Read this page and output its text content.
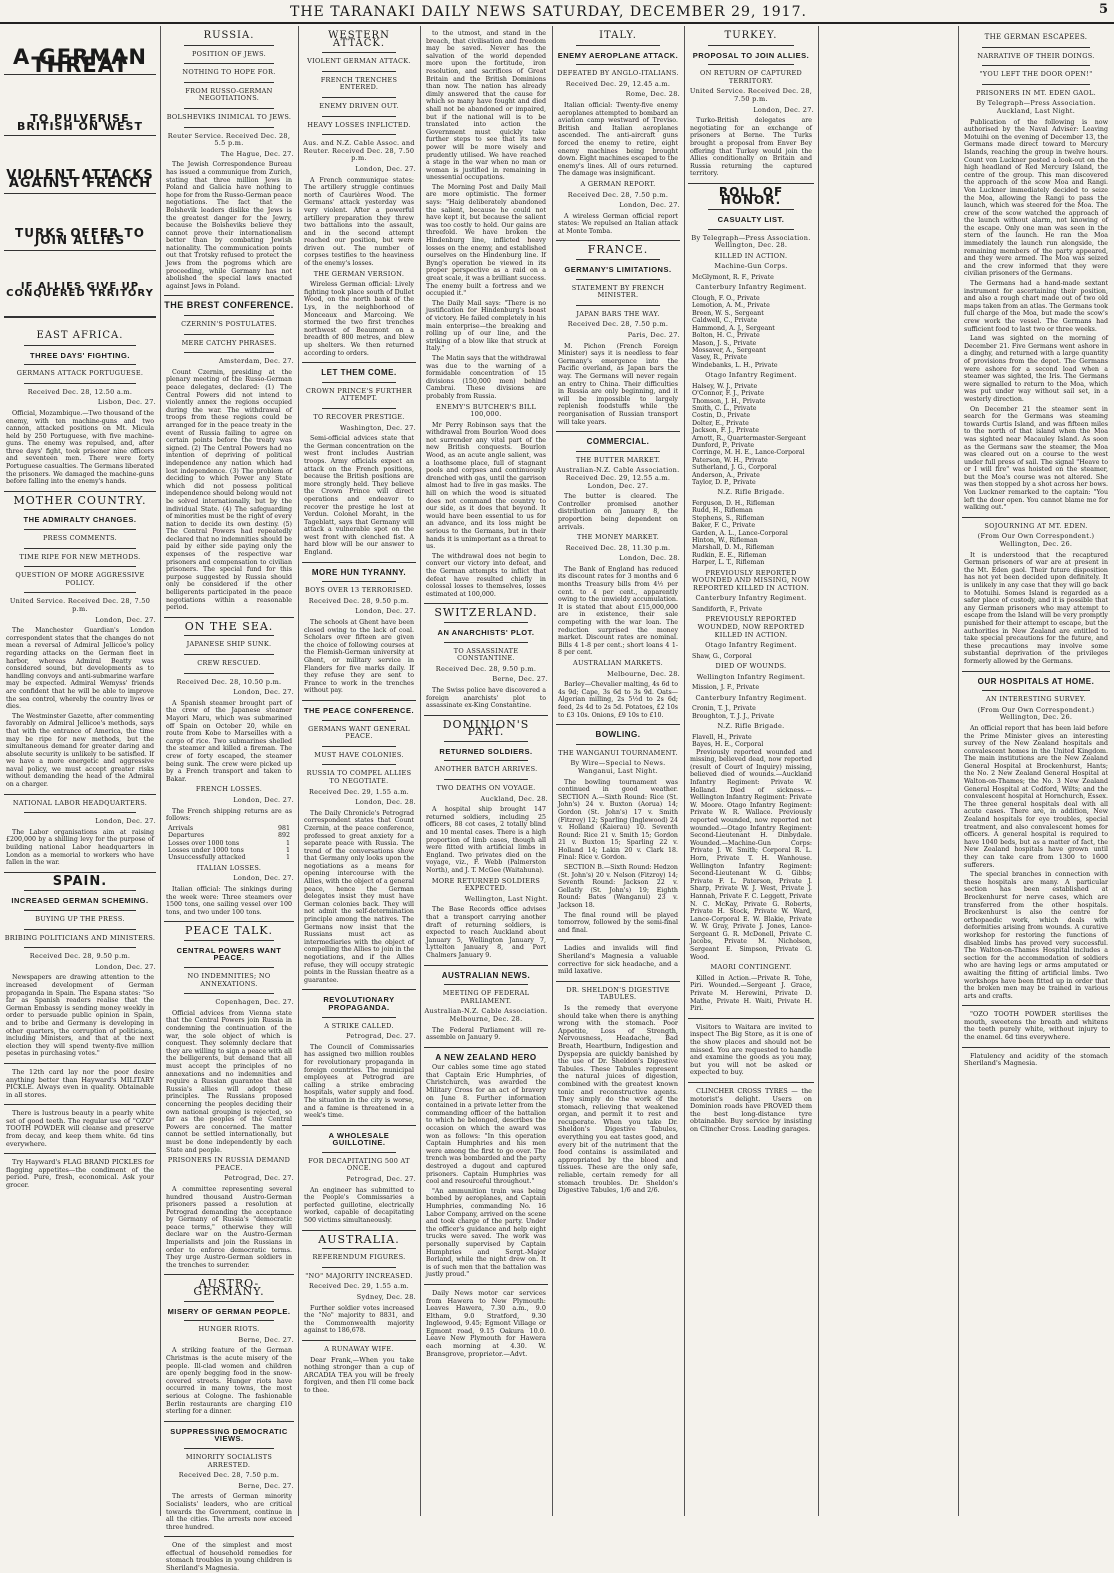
THE TARANAKI DAILY NEWS SATURDAY, DECEMBER 29, 1917.	5
A GERMAN THREAT
TO PULVERISE BRITISH ON WEST
VIOLENT ATTACKS AGAINST FRENCH
TURKS OFFER TO JOIN ALLIES
IF ALLIES GIVE UP CONQUERED TRRITORY
EAST AFRICA.
THREE DAYS' FIGHTING.
GERMANS ATTACK PORTUGUESE.
Received Dec. 28, 12.50 a.m.
Lisbon, Dec. 27.

Official, Mozambique.—Two thousand of the enemy, with ten machine-guns and two cannon, attacked positions on Mt. Micula held by 250 Portuguese, with five machine-guns. The enemy was repulsed, and, after three days' fight, took prisoner nine officers and seventeen men. There were forty Portuguese casualties. The Germans liberated the prisoners. We damaged the machine-guns before falling into the enemy's hands.

MOTHER COUNTRY.
THE ADMIRALTY CHANGES.
PRESS COMMENTS.
TIME RIPE FOR NEW METHODS.
QUESTION OF MORE AGGRESSIVE POLICY.
United Service. Received Dec. 28, 7.50 p.m.
London, Dec. 27.

The Manchester Guardian's London correspondent states that the changes do not mean a reversal of Admiral Jellicoe's policy regarding attacks on the German fleet in harbor, whereas Admiral Beatty was considered sound, but developments as to handling convoys and anti-submarine warfare may be expected. Admiral Wemyss' friends are confident that he will be able to improve the sea control, whereby the country lives or dies.

The Westminster Gazette, after commenting favorably on Admiral Jellicoe's methods, says that with the entrance of America, the time may be ripe for new methods, but the simultaneous demand for greater daring and absolute security is unlikely to be satisfied. If we have a more energetic and aggressive naval policy, we must accept greater risks without demanding the head of the Admiral on a charger.

NATIONAL LABOR HEADQUARTERS.
London, Dec. 27.

The Labor organisations aim at raising £200,000 by a shilling levy for the purpose of building national Labor headquarters in London as a memorial to workers who have fallen in the war.

SPAIN.
INCREASED GERMAN SCHEMING.
BUYING UP THE PRESS.
BRIBING POLITICIANS AND MINISTERS.
Received Dec. 28, 9.50 p.m.
London, Dec. 27.

Newspapers are drawing attention to the increased development of German propaganda in Spain. The Espana states: "So far as Spanish readers realise that the German Embassy is sending money weekly in order to persuade public opinion in Spain, and to bribe and Germany is developing in other quarters, the corruption of politicians, including Ministers, and that at the next election they will spend twenty-five million pesetas in purchasing votes."

The 12th card lay nor the poor desire anything better than Hayward's MILITARY PICKLE. Always even in quality. Obtainable in all stores.

There is lustrous beauty in a pearly white set of good teeth. The regular use of "OZO" TOOTH POWDER will cleanse and preserve from decay, and keep them white. 6d tins everywhere.

Try Hayward's FLAG BRAND PICKLES for flagging appetites—the condiment of the period. Pure, fresh, economical. Ask your grocer.

RUSSIA.
POSITION OF JEWS.
NOTHING TO HOPE FOR.
FROM RUSSO-GERMAN NEGOTIATIONS.
BOLSHEVIKS INIMICAL TO JEWS.
Reuter Service. Received Dec. 28, 5.5 p.m.
The Hague, Dec. 27.

The Jewish Correspondence Bureau has issued a communique from Zurich, stating that three million Jews in Poland and Galicia have nothing to hope for from the Russo-German peace negotiations. The fact that the Bolshevik leaders dislike the Jews is the greatest danger for the Jewry, because the Bolsheviks believe they cannot prove their internationalism better than by combating Jewish nationality. The communication points out that Trotsky refused to protect the Jews from the pogroms which are proceeding, while Germany has not abolished the special laws enacted against Jews in Poland.

THE BREST CONFERENCE.
CZERNIN'S POSTULATES.
MERE CATCHY PHRASES.
Amsterdam, Dec. 27.

Count Czernin, presiding at the plenary meeting of the Russo-German peace delegates, declared: (1) The Central Powers did not intend to violently annex the regions occupied during the war. The withdrawal of troops from these regions could be arranged for in the peace treaty in the event of Russia failing to agree on certain points before the treaty was signed. (2) The Central Powers had no intention of depriving of political independence any nation which had lost independence. (3) The problem of deciding to which Power any State which did not possess political independence should belong would not be solved internationally, but by the individual State. (4) The safeguarding of minorities must be the right of every nation to decide its own destiny. (5) The Central Powers had repeatedly declared that no indemnities should be paid by either side paying only the expenses of the respective war prisoners and compensation to civilian prisoners. The special fund for this purpose suggested by Russia should only be considered if the other belligerents participated in the peace negotiations within a reasonable period.

ON THE SEA.
JAPANESE SHIP SUNK.
CREW RESCUED.
Received Dec. 28, 10.50 p.m.
London, Dec. 27.

A Spanish steamer brought part of the crew of the Japanese steamer Mayori Maru, which was submarined off Spain on October 20, while en route from Kobe to Marseilles with a cargo of rice. Two submarines shelled the steamer and killed a fireman. The crew of forty escaped, the steamer being sunk. The crew were picked up by a French transport and taken to Bakar.

FRENCH LOSSES.
London, Dec. 27.

The French shipping returns are as follows:

Arrivals	981
Departures	892
Losses over 1000 tons	1
Losses under 1000 tons	1
Unsuccessfully attacked	1
ITALIAN LOSSES.
London, Dec. 27.

Italian official: The sinkings during the week were: Three steamers over 1500 tons, one sailing vessel over 100 tons, and two under 100 tons.

PEACE TALK.
CENTRAL POWERS WANT PEACE.
NO INDEMNITIES; NO ANNEXATIONS.
Copenhagen, Dec. 27.

Official advices from Vienna state that the Central Powers join Russia in condemning the continuation of the war, the sole object of which is conquest. They solemnly declare that they are willing to sign a peace with all the belligerents, but demand that all must accept the principles of no annexations and no indemnities and require a Russian guarantee that all Russia's allies will adopt these principles. The Russians proposed concerning the peoples deciding their own national grouping is rejected, so far as the peoples of the Central Powers are concerned. The matter cannot be settled internationally, but must be done independently by each State and people.

PRISONERS IN RUSSIA DEMAND PEACE.
Petrograd, Dec. 27.

A committee representing several hundred thousand Austro-German prisoners passed a resolution at Petrograd demanding the acceptance by Germany of Russia's "democratic peace terms," otherwise they will declare war on the Austro-German Imperialists and join the Russians in order to enforce democratic terms. They urge Austro-German soldiers in the trenches to surrender.

AUSTRO-GERMANY.
MISERY OF GERMAN PEOPLE.
HUNGER RIOTS.
Berne, Dec. 27.

A striking feature of the German Christmas is the acute misery of the people. Ill-clad women and children are openly begging food in the snow-covered streets. Hunger riots have occurred in many towns, the most serious at Cologne. The fashionable Berlin restaurants are charging £10 sterling for a dinner.

SUPPRESSING DEMOCRATIC VIEWS.
MINORITY SOCIALISTS ARRESTED.
Received Dec. 28, 7.50 p.m.
Berne, Dec. 27.

The arrests of German minority Socialists' leaders, who are critical towards the Government, continue in all the cities. The arrests now exceed three hundred.

One of the simplest and most effectual of household remedies for stomach troubles in young children is Sheriland's Magnesia.

WESTERN ATTACK.
VIOLENT GERMAN ATTACK.
FRENCH TRENCHES ENTERED.
ENEMY DRIVEN OUT.
HEAVY LOSSES INFLICTED.
Aus. and N.Z. Cable Assoc. and Reuter. Received Dec. 28, 7.50 p.m.
London, Dec. 27.

A French communique states: The artillery struggle continues north of Caurières Wood. The Germans' attack yesterday was very violent. After a powerful artillery preparation they threw two battalions into the assault, and in the second attempt reached our position, but were driven out. The number of corpses testifies to the heaviness of the enemy's losses.

THE GERMAN VERSION.

Wireless German official: Lively fighting took place south of Dullet Wood, on the north bank of the Lys, in the neighborhood of Monceaux and Marcoing. We stormed the two first trenches northwest of Beaumont on a breadth of 800 metres, and blew up shelters. We then returned according to orders.

LET THEM COME.
CROWN PRINCE'S FURTHER ATTEMPT.
TO RECOVER PRESTIGE.
Washington, Dec. 27.

Semi-official advices state that the German concentration on the west front includes Austrian troops. Army officials expect an attack on the French positions, because the British positions are more strongly held. They believe the Crown Prince will direct operations and endeavor to recover the prestige he lost at Verdun. Colonel Moraht, in the Tageblatt, says that Germany will attack a vulnerable spot on the west front with clenched fist. A hard blow will be our answer to England.

MORE HUN TYRANNY.
BOYS OVER 13 TERRORISED.
Received Dec. 28, 9.50 p.m.
London, Dec. 27.

The schools at Ghent have been closed owing to the lack of coal. Scholars over fifteen are given the choice of following courses at the Flemish-German university at Ghent, or military service in Flanders for five marks daily. If they refuse they are sent to France to work in the trenches without pay.

THE PEACE CONFERENCE.
GERMANS WANT GENERAL PEACE.
MUST HAVE COLONIES.
RUSSIA TO COMPEL ALLIES TO NEGOTIATE.
Received Dec. 29, 1.55 a.m.
London, Dec. 28.

The Daily Chronicle's Petrograd correspondent states that Count Czernin, at the peace conference, professed to great anxiety for a separate peace with Russia. The trend of the conversations show that Germany only looks upon the negotiations as a means for opening intercourse with the Allies, with the object of a general peace, hence the German delegates insist they must have German colonies back. They will not admit the self-determination principle among the natives. The Germans now insist that the Russians must act as intermediaries with the object of compelling the Allies to join in the negotiations, and if the Allies refuse, they will occupy strategic points in the Russian theatre as a guarantee.

REVOLUTIONARY PROPAGANDA.
A STRIKE CALLED.
Petrograd, Dec. 27.

The Council of Commissaries has assigned two million roubles for revolutionary propaganda in foreign countries. The municipal employees at Petrograd are calling a strike embracing hospitals, water supply and food. The situation in the city is worse, and a famine is threatened in a week's time.

A WHOLESALE GUILLOTINE.
FOR DECAPITATING 500 AT ONCE.
Petrograd, Dec. 27.

An engineer has submitted to the People's Commissaries a perfected guillotine, electrically worked, capable of decapitating 500 victims simultaneously.

AUSTRALIA.
REFERENDUM FIGURES.
"NO" MAJORITY INCREASED.
Received Dec. 29, 1.55 a.m.
Sydney, Dec. 28.

Further soldier votes increased the "No" majority to 8831, and the Commonwealth majority against to 186,678.

A RUNAWAY WIFE.

Dear Frank,—When you take nothing stronger than a cup of ARCADIA TEA you will be freely forgiven, and then I'll come back to thee.

to the utmost, and stand in the breach, that civilisation and freedom may be saved. Never has the salvation of the world depended more upon the fortitude, iron resolution, and sacrifices of Great Britain and the British Dominions than now. The nation has already dimly answered that the cause for which so many have fought and died shall not be abandoned or impaired, but if the national will is to be translated into action the Government must quickly take further steps to see that its new power will be more wisely and prudently utilised. We have reached a stage in the war when no man or woman is justified in remaining in unessential occupations.

The Morning Post and Daily Mail are more optimistic. The former says: "Haig deliberately abandoned the salient, because he could not have kept it, but because the salient was too costly to hold. Our gains are threefold. We have broken the Hindenburg line, inflicted heavy losses on the enemy, and established ourselves on the Hindenburg line. If Byng's operation be viewed in its proper perspective as a raid on a great scale, it was a brilliant success. The enemy built a fortress and we occupied it."

The Daily Mail says: "There is no justification for Hindenburg's boast of victory. He failed completely in his main enterprise—the breaking and rolling up of our line, and the striking of a blow like that struck at Italy."

The Matin says that the withdrawal was due to the warning of a formidable concentration of 15 divisions (150,000 men) behind Cambrai. These divisions are probably from Russia.

ENEMY'S BUTCHER'S BILL 100,000.

Mr Perry Robinson says that the withdrawal from Bourlon Wood does not surrender any vital part of the new British conquests. Bourlon Wood, as an acute angle salient, was a loathsome place, full of stagnant pools and corpses and continuously drenched with gas, until the garrison almost had to live in gas masks. The hill on which the wood is situated does not command the country to our side, as it does that beyond. It would have been essential to us for an advance, and its loss might be serious to the Germans, but in their hands it is unimportant as a threat to us.

The withdrawal does not begin to convert our victory into defeat, and the German attempts to inflict that defeat have resulted chiefly in colossal losses to themselves, losses estimated at 100,000.

SWITZERLAND.
AN ANARCHISTS' PLOT.
TO ASSASSINATE CONSTANTINE.
Received Dec. 28, 9.50 p.m.
Berne, Dec. 27.

The Swiss police have discovered a foreign anarchists' plot to assassinate ex-King Constantine.

DOMINION'S PART.
RETURNED SOLDIERS.
ANOTHER BATCH ARRIVES.
TWO DEATHS ON VOYAGE.
Auckland, Dec. 28.

A hospital ship brought 147 returned soldiers, including 25 officers, 88 cot cases, 2 totally blind and 10 mental cases. There is a high proportion of limb cases, though all were fitted with artificial limbs in England. Two privates died on the voyage, viz., F. Webb (Palmerston North), and J. T. McGee (Waitahuna).

MORE RETURNED SOLDIERS EXPECTED.
Wellington, Last Night.

The Base Records office advises that a transport carrying another draft of returning soldiers, is expected to reach Auckland about January 5, Wellington January 7, Lyttelton January 8, and Port Chalmers January 9.

AUSTRALIAN NEWS.
MEETING OF FEDERAL PARLIAMENT.
Australian-N.Z. Cable Association. Melbourne, Dec. 28.

The Federal Parliament will re-assemble on January 9.

A NEW ZEALAND HERO

Our cables some time ago stated that Captain Eric Humphries, of Christchurch, was awarded the Military Cross for an act of bravery on June 8. Further information contained in a private letter from the commanding officer of the battalion to which he belonged, describes the occasion on which the award was won as follows: "In this operation Captain Humphries and his men were among the first to go over. The trench was bombarded and the party destroyed a dugout and captured prisoners. Captain Humphries was cool and resourceful throughout."

"An ammunition train was being bombed by aeroplanes, and Captain Humphries, commanding No. 16 Labor Company, arrived on the scene and took charge of the party. Under the officer's guidance and help eight trucks were saved. The work was personally supervised by Captain Humphries and Sergt.-Major Borland, while the night drew on. It is of such men that the battalion was justly proud."

Daily News motor car services from Hawera to New Plymouth: Leaves Hawera, 7.30 a.m., 9.0 Eltham, 9.0 Stratford, 9.30 Inglewood, 9.45; Egmont Village or Egmont road, 9.15 Oakura 10.0. Leave New Plymouth for Hawera each morning at 4.30. W. Bransgrove, proprietor.—Advt.

ITALY.
ENEMY AEROPLANE ATTACK.
DEFEATED BY ANGLO-ITALIANS.
Received Dec. 29, 12.45 a.m.
Rome, Dec. 28.

Italian official: Twenty-five enemy aeroplanes attempted to bombard an aviation camp westward of Treviso. British and Italian aeroplanes ascended. The anti-aircraft guns forced the enemy to retire, eight enemy machines being brought down. Eight machines escaped to the enemy's lines. All of ours returned. The damage was insignificant.

A GERMAN REPORT.
Received Dec. 28, 7.50 p.m.
London, Dec. 27.

A wireless German official report states: We repulsed an Italian attack at Monte Tomba.

FRANCE.
GERMANY'S LIMITATIONS.
STATEMENT BY FRENCH MINISTER.
JAPAN BARS THE WAY.
Received Dec. 28, 7.50 p.m.
Paris, Dec. 27.

M. Pichon (French Foreign Minister) says it is needless to fear Germany's emergence into the Pacific overland, as Japan bars the way. The Germans will never regain an entry to China. Their difficulties in Russia are only beginning, and it will be impossible to largely replenish foodstuffs while the reorganisation of Russian transport will take years.

COMMERCIAL.
THE BUTTER MARKET.
Australian-N.Z. Cable Association. Received Dec. 29, 12.55 a.m. London, Dec. 27.

The butter is cleared. The Controller promised another distribution on January 8, the proportion being dependent on arrivals.

THE MONEY MARKET.
Received Dec. 28, 11.30 p.m.
London, Dec. 28.

The Bank of England has reduced its discount rates for 3 months and 6 months Treasury bills from 4½ per cent. to 4 per cent., apparently owing to the unwieldy accumulation. It is stated that about £15,000,000 are in existence, their sale competing with the war loan. The reduction surprised the money market. Discount rates are nominal. Bills 4 1-8 per cent.; short loans 4 1-8 per cent.

AUSTRALIAN MARKETS.
Melbourne, Dec. 28.

Barley—Chevalier malting, 4s 6d to 4s 9d; Cape, 3s 6d to 3s 9d. Oats—Algerian milling, 2s 5½d to 2s 6d; feed, 2s 4d to 2s 5d. Potatoes, £2 10s to £3 10s. Onions, £9 10s to £10.

BOWLING.
THE WANGANUI TOURNAMENT.
By Wire—Special to News. Wanganui, Last Night.

The bowling tournament was continued in good weather. SECTION A.—Sixth Round: Rice (St. John's) 24 v. Buxton (Aorua) 14; Gordon (St. John's) 17 v. Smith (Fitzroy) 12; Sparling (Inglewood) 24 v. Holland (Kaierau) 10. Seventh Round: Rice 21 v. Smith 15; Gordon 21 v. Buxton 15; Sparling 22 v. Holland 14; Lakin 20 v. Clark 18. Final: Rice v. Gordon.

SECTION B.—Sixth Round: Hedzon (St. John's) 20 v. Nelson (Fitzroy) 14; Seventh Round: Jackson 22 v. Gellatly (St. John's) 19; Eighth Round: Bates (Wanganui) 23 v. Jackson 18.

The final round will be played tomorrow, followed by the semi-final and final.

Ladies and invalids will find Sheriland's Magnesia a valuable corrective for sick headache, and a mild laxative.

DR. SHELDON'S DIGESTIVE TABULES.

Is the remedy that everyone should take when there is anything wrong with the stomach. Poor Appetite, Loss of Strength, Nervousness, Headache, Bad Breath, Heartburn, Indigestion and Dyspepsia are quickly banished by the use of Dr. Sheldon's Digestive Tabules. These Tabules represent the natural juices of digestion, combined with the greatest known tonic and reconstructive agents. They simply do the work of the stomach, relieving that weakened organ, and permit it to rest and recuperate. When you take Dr. Sheldon's Digestive Tabules, everything you eat tastes good, and every bit of the nutriment that the food contains is assimilated and appropriated by the blood and tissues. These are the only safe, reliable, certain remedy for all stomach troubles. Dr. Sheldon's Digestive Tabules, 1/6 and 2/6.

TURKEY.
PROPOSAL TO JOIN ALLIES.
ON RETURN OF CAPTURED TERRITORY.
United Service. Received Dec. 28, 7.50 p.m.
London, Dec. 27.

Turko-British delegates are negotiating for an exchange of prisoners at Berne. The Turks brought a proposal from Enver Bey offering that Turkey would join the Allies conditionally on Britain and Russia returning the captured territory.

ROLL OF HONOR.
CASUALTY LIST.
By Telegraph—Press Association. Wellington, Dec. 28.
KILLED IN ACTION.
Machine-Gun Corps.
McGlymont, R. F., Private
Canterbury Infantry Regiment.
Clough, F. O., Private
Lemotion, A. M., Private
Breen, W. S., Sergeant
Caldwell, C., Private
Hammond, A. J., Sergeant
Bolton, H. C., Private
Mason, J. S., Private
Mossaver, A., Sergeant
Vasey, R., Private
Windebanks, L. H., Private
Otago Infantry Regiment.
Halsey, W. J., Private
O'Connor, F. J., Private
Thomson, J. H., Private
Smith, C. L., Private
Costin, D., Private
Dolter, E., Private
Jackson, F. J., Private
Arnott, R., Quartermaster-Sergeant
Dunford, P., Private
Corringe, M. H. E., Lance-Corporal
Paterson, W. H., Private
Sutherland, J. G., Corporal
Anderson, A., Private
Taylor, D. P., Private
N.Z. Rifle Brigade.
Ferguson, D. H., Rifleman
Rudd, H., Rifleman
Stephens, S., Rifleman
Baker, F. C., Private
Garden, A. L., Lance-Corporal
Hinton, W., Rifleman
Marshall, D. M., Rifleman
Rudkin, E. E., Rifleman
Harper, L. T., Rifleman
PREVIOUSLY REPORTED WOUNDED AND MISSING, NOW REPORTED KILLED IN ACTION.
Canterbury Infantry Regiment.
Sandiforth, F., Private
PREVIOUSLY REPORTED WOUNDED, NOW REPORTED KILLED IN ACTION.
Otago Infantry Regiment.
Shaw, G., Corporal
DIED OF WOUNDS.
Wellington Infantry Regiment.
Mission, J. F., Private
Canterbury Infantry Regiment.
Cronin, T. J., Private
Broughton, T. J. J., Private
N.Z. Rifle Brigade.
Flavell, H., Private
Bayes, H. E., Corporal

Previously reported wounded and missing, believed dead, now reported (result of Court of Inquiry) missing, believed died of wounds.—Auckland Infantry Regiment: Private W. Holland. Died of sickness.—Wellington Infantry Regiment: Private W. Moore. Otago Infantry Regiment: Private W. R. Wallace. Previously reported wounded, now reported not wounded.—Otago Infantry Regiment: Second-Lieutenant H. Dinbydale. Wounded.—Machine-Gun Corps: Private J. W. Smith; Corporal R. L. Horn, Private T. H. Wanhouse. Wellington Infantry Regiment: Second-Lieutenant W. G. Gibbs; Private F. L. Paterson, Private J. Sharp, Private W. J. West, Private J. Hannah, Private F. C. Leggett, Private N. C. McKay, Private G. Roberts, Private H. Stock, Private W. Ward, Lance-Corporal E. W. Blakie, Private W. W. Gray, Private J. Jones, Lance-Sergeant G. R. McDonell, Private C. Jacobs, Private M. Nicholson, Sergeant E. Simpson, Private G. Wood.

MAORI CONTINGENT.

Killed in Action.—Private R. Tohe, Piri. Wounded.—Sergeant J. Grace, Private M. Herewini, Private D. Mathe, Private H. Waiti, Private H. Piri.

Visitors to Waitara are invited to inspect The Big Store, as it is one of the show places and should not be missed. You are requested to handle and examine the goods as you may, but you will not be asked or expected to buy.

CLINCHER CROSS TYRES — the motorist's delight. Users on Dominion roads have PROVED them the best long-distance tyre obtainable. Buy service by insisting on Clincher Cross. Leading garages.

THE GERMAN ESCAPEES.
NARRATIVE OF THEIR DOINGS.
"YOU LEFT THE DOOR OPEN!"
PRISONERS IN MT. EDEN GAOL.
By Telegraph—Press Association. Auckland, Last Night.

Publication of the following is now authorised by the Naval Adviser: Leaving Motuihi on the evening of December 13, the Germans made direct toward to Mercury Islands, reaching the group in twelve hours. Count von Luckner posted a look-out on the high headland of Red Mercury Island, the centre of the group. This man discovered the approach of the scow Moa and Rangi. Von Luckner immediately decided to seize the Moa, allowing the Rangi to pass the launch, which was steered for the Moa. The crew of the scow watched the approach of the launch without alarm, not knowing of the escape. Only one man was seen in the stern of the launch. He ran the Moa immediately the launch run alongside, the remaining members of the party appeared, and they were armed. The Moa was seized and the crew informed that they were civilian prisoners of the Germans.

The Germans had a hand-made sextant instrument for ascertaining their position, and also a rough chart made out of two old maps taken from an atlas. The Germans took full charge of the Moa, but made the scow's crew work the vessel. The Germans had sufficient food to last two or three weeks.

Land was sighted on the morning of December 21. Five Germans went ashore in a dinghy, and returned with a large quantity of provisions from the depot. The Germans were ashore for a second load when a steamer was sighted, the Iris. The Germans were signalled to return to the Moa, which was put under way without sail set, in a westerly direction.

On December 21 the steamer sent in search for the Germans was steaming towards Curtis Island, and was fifteen miles to the north of that island when the Moa was sighted near Macauley Island. As soon as the Germans saw the steamer, the Moa was cleared out on a course to the west under full press of sail. The signal "Heave to or I will fire" was hoisted on the steamer, but the Moa's course was not altered. She was then stopped by a shot across her bows. Von Luckner remarked to the captain: "You left the door open. You cannot blame me for walking out."

SOJOURNING AT MT. EDEN.
(From Our Own Correspondent.) Wellington, Dec. 26.

It is understood that the recaptured German prisoners of war are at present in the Mt. Eden gaol. Their future disposition has not yet been decided upon definitely. It is unlikely in any case that they will go back to Motuihi. Somes Island is regarded as a safer place of custody, and it is possible that any German prisoners who may attempt to escape from the Island will be very promptly punished for their attempt to escape, but the authorities in New Zealand are entitled to take special precautions for the future, and these precautions may involve some substantial deprivation of the privileges formerly allowed by the Germans.

OUR HOSPITALS AT HOME.
AN INTERESTING SURVEY.
(From Our Own Correspondent.) Wellington, Dec. 26.

An official report that has been laid before the Prime Minister gives an interesting survey of the New Zealand hospitals and convalescent homes in the United Kingdom. The main institutions are the New Zealand General Hospital at Brockenhurst, Hants; the No. 2 New Zealand General Hospital at Walton-on-Thames; the No. 3 New Zealand General Hospital at Codford, Wilts; and the convalescent hospital at Hornchurch, Essex. The three general hospitals deal with all acute cases. There are, in addition, New Zealand hospitals for eye troubles, special treatment, and also convalescent homes for officers. A general hospital is required to have 1040 beds, but as a matter of fact, the New Zealand hospitals have grown until they can take care from 1300 to 1600 sufferers.

The special branches in connection with these hospitals are many. A particular section has been established at Brockenhurst for nerve cases, which are transferred from the other hospitals. Brockenhurst is also the centre for orthopaedic work, which deals with deformities arising from wounds. A curative workshop for restoring the functions of disabled limbs has proved very successful. The Walton-on-Thames Hospital includes a section for the accommodation of soldiers who are having legs or arms amputated or awaiting the fitting of artificial limbs. Two workshops have been fitted up in order that the broken men may be trained in various arts and crafts.

"OZO TOOTH POWDER sterilises the mouth, sweetens the breath and whitens the teeth purely white, without injury to the enamel. 6d tins everywhere.

Flatulency and acidity of the stomach Sheriland's Magnesia.
